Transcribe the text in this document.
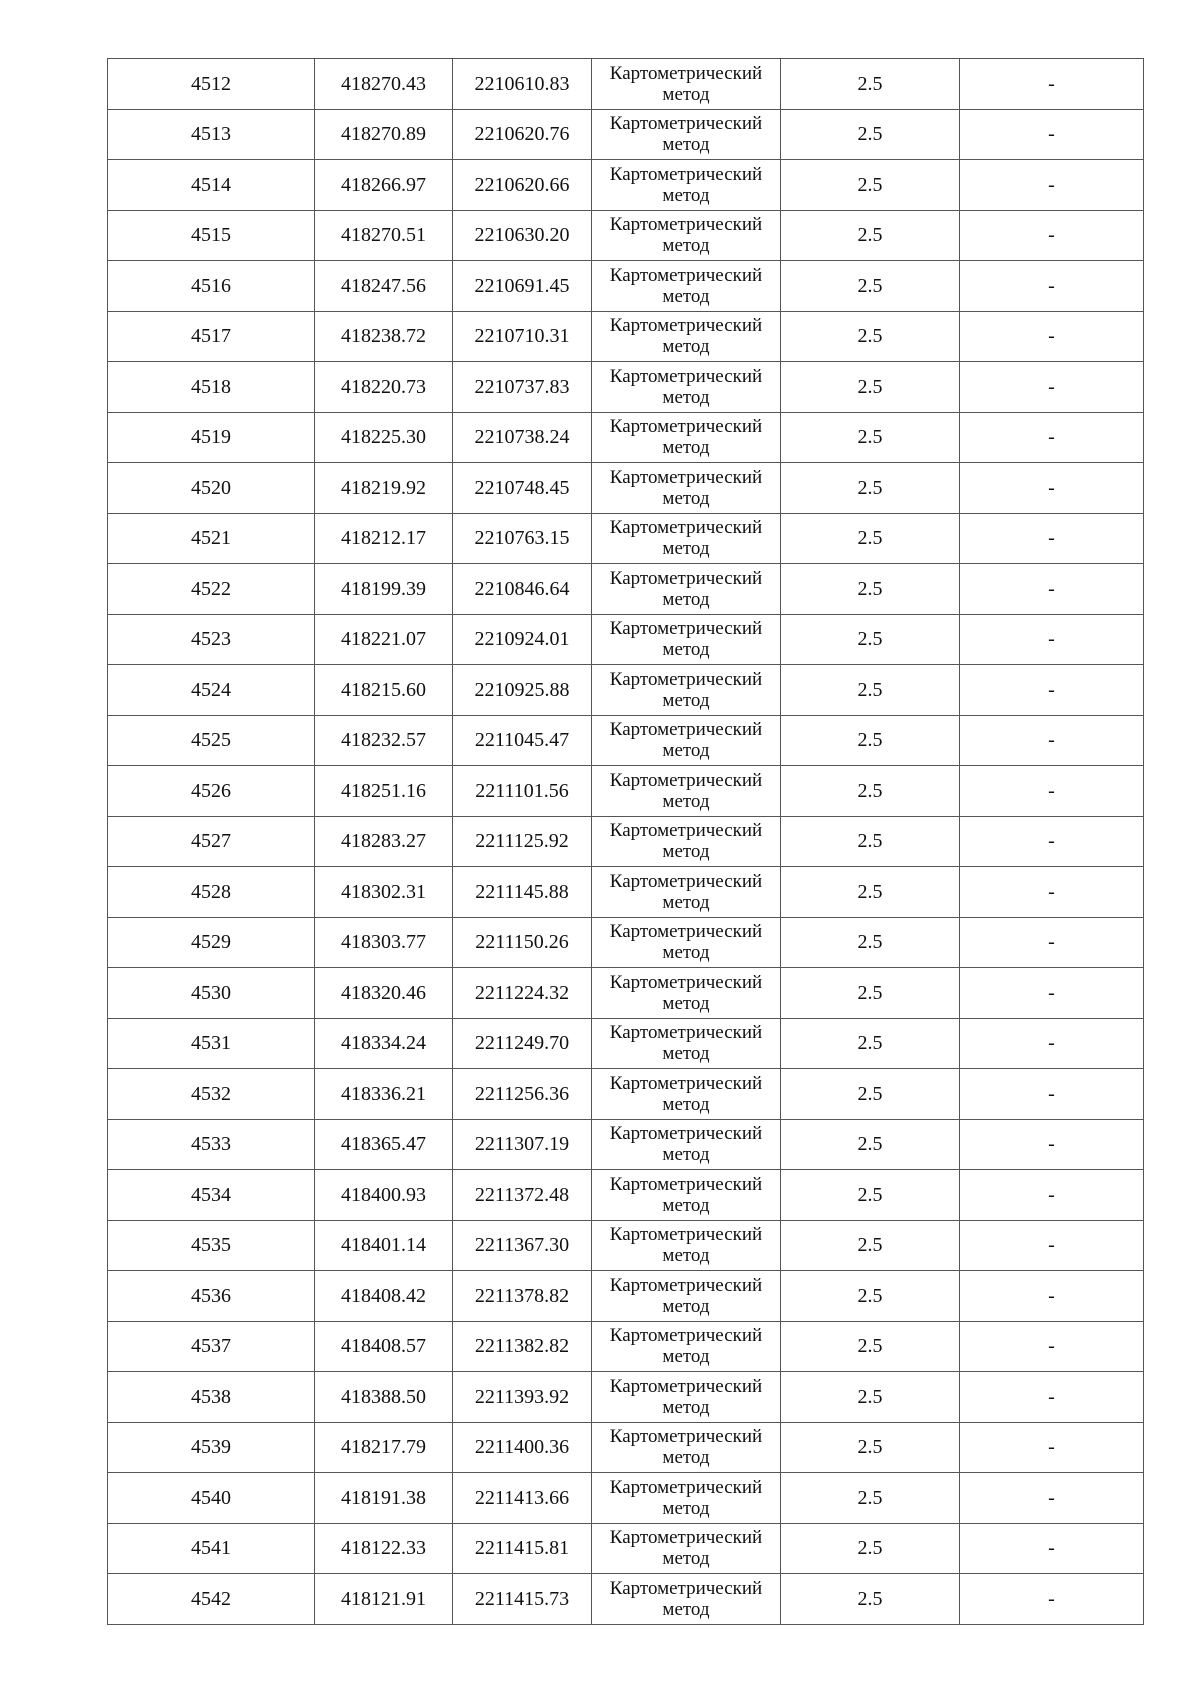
4512	418270.43	2210610.83	Картометрический
метод	2.5	-
4513	418270.89	2210620.76	Картометрический
метод	2.5	-
4514	418266.97	2210620.66	Картометрический
метод	2.5	-
4515	418270.51	2210630.20	Картометрический
метод	2.5	-
4516	418247.56	2210691.45	Картометрический
метод	2.5	-
4517	418238.72	2210710.31	Картометрический
метод	2.5	-
4518	418220.73	2210737.83	Картометрический
метод	2.5	-
4519	418225.30	2210738.24	Картометрический
метод	2.5	-
4520	418219.92	2210748.45	Картометрический
метод	2.5	-
4521	418212.17	2210763.15	Картометрический
метод	2.5	-
4522	418199.39	2210846.64	Картометрический
метод	2.5	-
4523	418221.07	2210924.01	Картометрический
метод	2.5	-
4524	418215.60	2210925.88	Картометрический
метод	2.5	-
4525	418232.57	2211045.47	Картометрический
метод	2.5	-
4526	418251.16	2211101.56	Картометрический
метод	2.5	-
4527	418283.27	2211125.92	Картометрический
метод	2.5	-
4528	418302.31	2211145.88	Картометрический
метод	2.5	-
4529	418303.77	2211150.26	Картометрический
метод	2.5	-
4530	418320.46	2211224.32	Картометрический
метод	2.5	-
4531	418334.24	2211249.70	Картометрический
метод	2.5	-
4532	418336.21	2211256.36	Картометрический
метод	2.5	-
4533	418365.47	2211307.19	Картометрический
метод	2.5	-
4534	418400.93	2211372.48	Картометрический
метод	2.5	-
4535	418401.14	2211367.30	Картометрический
метод	2.5	-
4536	418408.42	2211378.82	Картометрический
метод	2.5	-
4537	418408.57	2211382.82	Картометрический
метод	2.5	-
4538	418388.50	2211393.92	Картометрический
метод	2.5	-
4539	418217.79	2211400.36	Картометрический
метод	2.5	-
4540	418191.38	2211413.66	Картометрический
метод	2.5	-
4541	418122.33	2211415.81	Картометрический
метод	2.5	-
4542	418121.91	2211415.73	Картометрический
метод	2.5	-
